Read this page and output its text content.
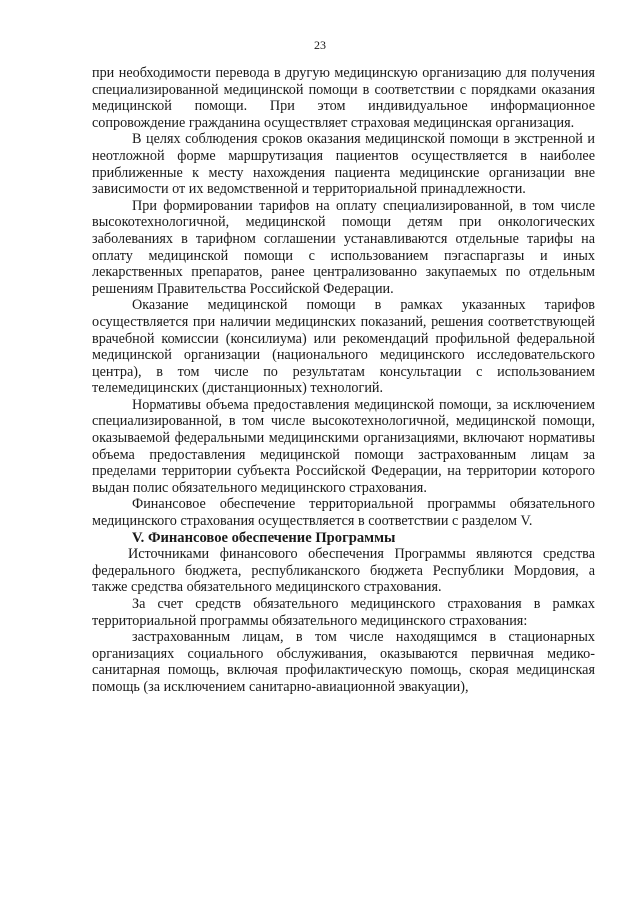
23

при необходимости перевода в другую медицинскую организацию для получения специализированной медицинской помощи в соответствии с порядками оказания медицинской помощи. При этом индивидуальное информационное сопровождение гражданина осуществляет страховая медицинская организация.

В целях соблюдения сроков оказания медицинской помощи в экстренной и неотложной форме маршрутизация пациентов осуществляется в наиболее приближенные к месту нахождения пациента медицинские организации вне зависимости от их ведомственной и территориальной принадлежности.

При формировании тарифов на оплату специализированной, в том числе высокотехнологичной, медицинской помощи детям при онкологических заболеваниях в тарифном соглашении устанавливаются отдельные тарифы на оплату медицинской помощи с использованием пэгаспаргазы и иных лекарственных препаратов, ранее централизованно закупаемых по отдельным решениям Правительства Российской Федерации.

Оказание медицинской помощи в рамках указанных тарифов осуществляется при наличии медицинских показаний, решения соответствующей врачебной комиссии (консилиума) или рекомендаций профильной федеральной медицинской организации (национального медицинского исследовательского центра), в том числе по результатам консультации с использованием телемедицинских (дистанционных) технологий.

Нормативы объема предоставления медицинской помощи, за исключением специализированной, в том числе высокотехнологичной, медицинской помощи, оказываемой федеральными медицинскими организациями, включают нормативы объема предоставления медицинской помощи застрахованным лицам за пределами территории субъекта Российской Федерации, на территории которого выдан полис обязательного медицинского страхования.

Финансовое обеспечение территориальной программы обязательного медицинского страхования осуществляется в соответствии с разделом V.

V. Финансовое обеспечение Программы

Источниками финансового обеспечения Программы являются средства федерального бюджета, республиканского бюджета Республики Мордовия, а также средства обязательного медицинского страхования.

За счет средств обязательного медицинского страхования в рамках территориальной программы обязательного медицинского страхования:

застрахованным лицам, в том числе находящимся в стационарных организациях социального обслуживания, оказываются первичная медико-санитарная помощь, включая профилактическую помощь, скорая медицинская помощь (за исключением санитарно-авиационной эвакуации),
